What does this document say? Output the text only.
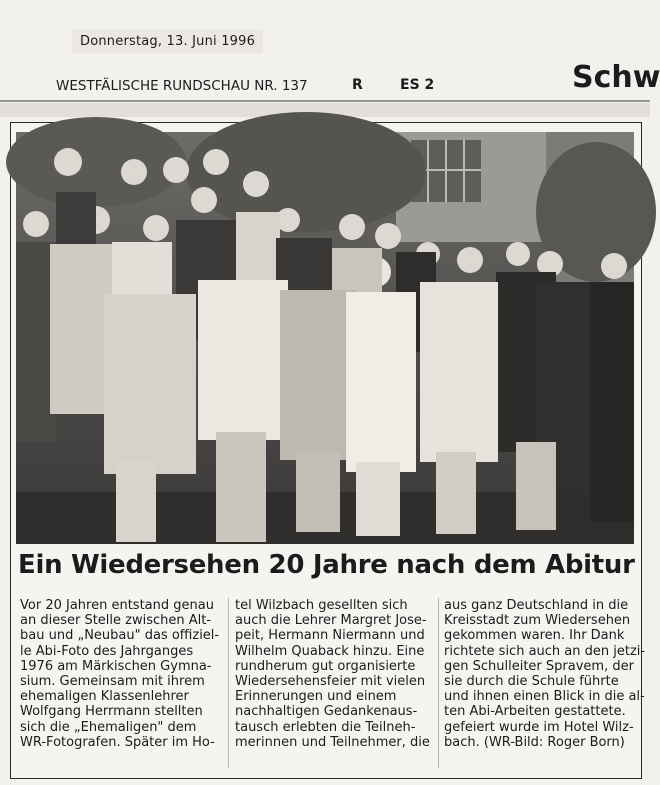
Donnerstag, 13. Juni 1996
WESTFÄLISCHE RUNDSCHAU NR. 137	R	ES 2	Schw
Ein Wiedersehen 20 Jahre nach dem Abitur
Vor 20 Jahren entstand genau
an dieser Stelle zwischen Alt-
bau und „Neubau" das offiziel-
le Abi-Foto des Jahrganges
1976 am Märkischen Gymna-
sium. Gemeinsam mit ihrem
ehemaligen Klassenlehrer
Wolfgang Herrmann stellten
sich die „Ehemaligen" dem
WR-Fotografen. Später im Ho-
tel Wilzbach gesellten sich
auch die Lehrer Margret Jose-
peit, Hermann Niermann und
Wilhelm Quaback hinzu. Eine
rundherum gut organisierte
Wiedersehensfeier mit vielen
Erinnerungen und einem
nachhaltigen Gedankenaus-
tausch erlebten die Teilneh-
merinnen und Teilnehmer, die
aus ganz Deutschland in die
Kreisstadt zum Wiedersehen
gekommen waren. Ihr Dank
richtete sich auch an den jetzi-
gen Schulleiter Spravem, der
sie durch die Schule führte
und ihnen einen Blick in die al-
ten Abi-Arbeiten gestattete.
gefeiert wurde im Hotel Wilz-
bach. (WR-Bild: Roger Born)
